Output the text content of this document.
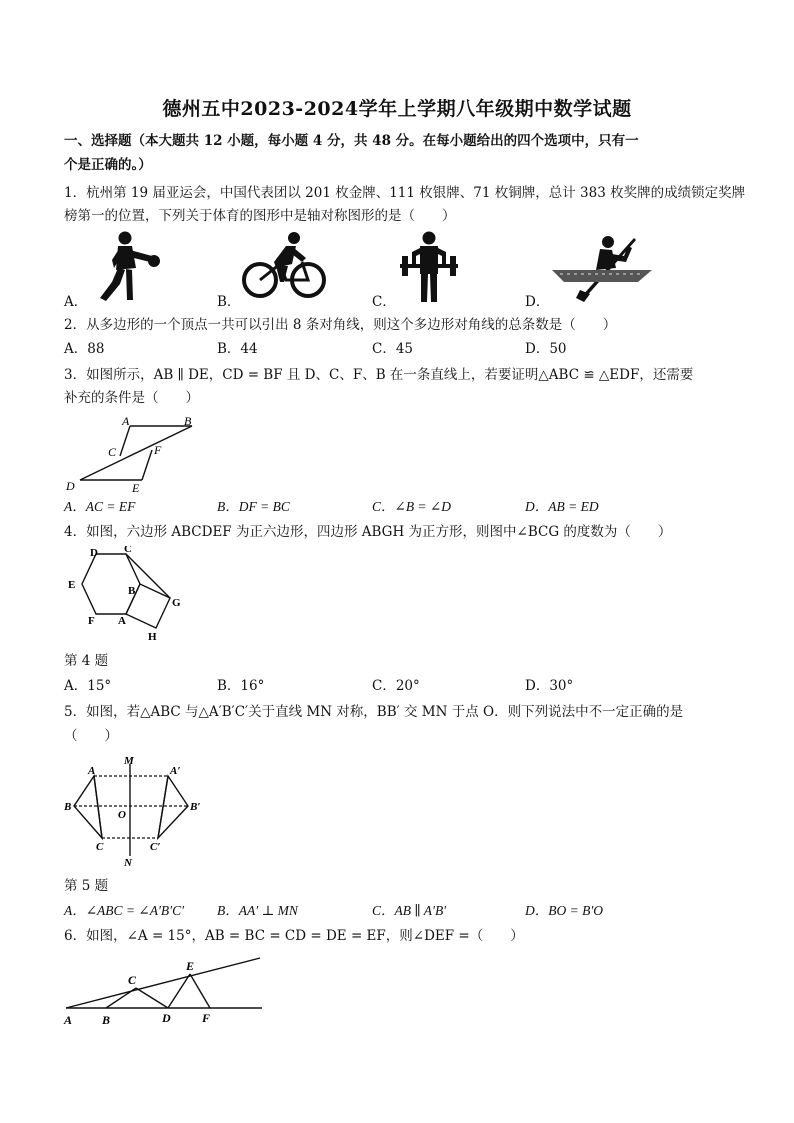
德州五中2023-2024学年上学期八年级期中数学试题
一、选择题（本大题共 12 小题，每小题 4 分，共 48 分。在每小题给出的四个选项中，只有一
个是正确的。）
1．杭州第 19 届亚运会，中国代表团以 201 枚金牌、111 枚银牌、71 枚铜牌，总计 383 枚奖牌的成绩锁定奖牌
榜第一的位置，下列关于体育的图形中是轴对称图形的是（　　）
A．	B．	C．	D．
2．从多边形的一个顶点一共可以引出 8 条对角线，则这个多边形对角线的总条数是（　　）
A．88	B．44	C．45	D．50
3．如图所示，AB ∥ DE，CD = BF 且 D、C、F、B 在一条直线上，若要证明△ABC ≌ △EDF，还需要
补充的条件是（　　）
A	B
C	F
D	E
A．AC = EF	B．DF = BC	C．∠B = ∠D	D．AB = ED
4．如图，六边形 ABCDEF 为正六边形，四边形 ABGH 为正方形，则图中∠BCG 的度数为（　　）
D C
E	B
G
F A
H
第 4 题
A．15°	B．16°	C．20°	D．30°
5．如图，若△ABC 与△A′B′C′关于直线 MN 对称，BB′ 交 MN 于点 O．则下列说法中不一定正确的是
（　　）
M
A	A′
B
O
B′
C	C′
N
第 5 题
A．∠ABC = ∠A′B′C′ B．AA′ ⊥ MN	C．AB ∥ A′B′	D．BO = B′O
6．如图，∠A = 15°，AB = BC = CD = DE = EF，则∠DEF =（　　）
C
E
A B	D	F
